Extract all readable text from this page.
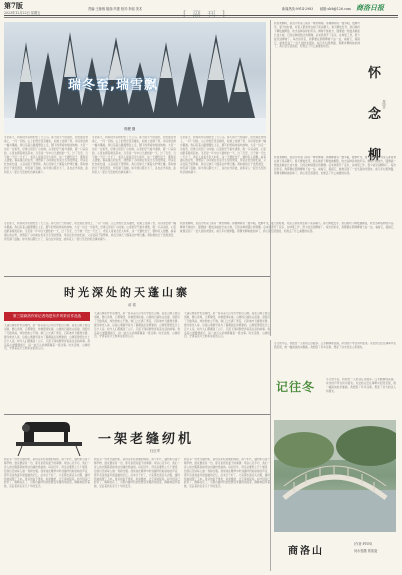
第7版
2023年12月22日 星期五
责编:王蓉蓉 版面:冯蕾 校对:李丽 美术	新闻热线:0914-2983 邮箱:slrb@126.com 商洛日报
瑞冬至,瑞雪飘
郭俊 摄
冬至那天，我和同学们相约去了天竺山。那天的天气特别好，阳光照在雪地上，一闪一闪的。山上的雪还没有融化，松树上挂满了雪，远远望去像一幅水墨画。我们沿着山路慢慢往上走，脚下的雪咯吱咯吱地响，大家一边走一边说笑，好像又回到了小时候。山里的空气格外清新，吸一口凉凉的，心里也跟着敞亮起来。冬至是一年中白天最短的一天，过了冬至，日子就一天比一天长了，老家人常说冬至大如年，这一天要吃饺子，要和家人团聚。看着漫山的白雪，我想起了小时候在老家过冬至的情景，母亲在灶台前忙碌，父亲在院子里劈柴，我们兄妹几个围着火炉烤红薯。那时候的日子虽然清苦，却充满了温暖。如今我们都长大了，各自在外奔波，能和家人一起过冬至的机会越来越少。
冬至那天，我和同学们相约去了天竺山。那天的天气特别好，阳光照在雪地上，一闪一闪的。山上的雪还没有融化，松树上挂满了雪，远远望去像一幅水墨画。我们沿着山路慢慢往上走，脚下的雪咯吱咯吱地响，大家一边走一边说笑，好像又回到了小时候。山里的空气格外清新，吸一口凉凉的，心里也跟着敞亮起来。冬至是一年中白天最短的一天，过了冬至，日子就一天比一天长了，老家人常说冬至大如年，这一天要吃饺子，要和家人团聚。看着漫山的白雪，我想起了小时候在老家过冬至的情景，母亲在灶台前忙碌，父亲在院子里劈柴，我们兄妹几个围着火炉烤红薯。那时候的日子虽然清苦，却充满了温暖。如今我们都长大了，各自在外奔波，能和家人一起过冬至的机会越来越少。
冬至那天，我和同学们相约去了天竺山。那天的天气特别好，阳光照在雪地上，一闪一闪的。山上的雪还没有融化，松树上挂满了雪，远远望去像一幅水墨画。我们沿着山路慢慢往上走，脚下的雪咯吱咯吱地响，大家一边走一边说笑，好像又回到了小时候。山里的空气格外清新，吸一口凉凉的，心里也跟着敞亮起来。冬至是一年中白天最短的一天，过了冬至，日子就一天比一天长了，老家人常说冬至大如年，这一天要吃饺子，要和家人团聚。看着漫山的白雪，我想起了小时候在老家过冬至的情景，母亲在灶台前忙碌，父亲在院子里劈柴，我们兄妹几个围着火炉烤红薯。那时候的日子虽然清苦，却充满了温暖。如今我们都长大了，各自在外奔波，能和家人一起过冬至的机会越来越少。
我喜欢柳树，是因为老家门前有一棵老柳树。那棵柳树有一搂多粗，枝繁叶茂，夏天的时候，村里人都喜欢在树下乘凉聊天。春天柳枝发芽，我们就折下柳枝做柳笛，吹出各种各样的声音。柳树不挑地方，随便插一根枝条就能长成大树，它的这种顽强让我敬佩。后来我离开了家乡，在城里工作，很少能见到柳树了。每次回老家，我都要在那棵柳树下站一站，看看它，摸摸它，就像见到了一位久别的老朋友。前几年村里修路，那棵老柳树被砍掉了，我心里空落落的，好像丢了什么重要的东西。
怀
念
柳
周国华
我喜欢柳树，是因为老家门前有一棵老柳树。那棵柳树有一搂多粗，枝繁叶茂，夏天的时候，村里人都喜欢在树下乘凉聊天。春天柳枝发芽，我们就折下柳枝做柳笛，吹出各种各样的声音。柳树不挑地方，随便插一根枝条就能长成大树，它的这种顽强让我敬佩。后来我离开了家乡，在城里工作，很少能见到柳树了。每次回老家，我都要在那棵柳树下站一站，看看它，摸摸它，就像见到了一位久别的老朋友。前几年村里修路，那棵老柳树被砍掉了，我心里空落落的，好像丢了什么重要的东西。
我喜欢柳树，是因为老家门前有一棵老柳树。那棵柳树有一搂多粗，枝繁叶茂，夏天的时候，村里人都喜欢在树下乘凉聊天。春天柳枝发芽，我们就折下柳枝做柳笛，吹出各种各样的声音。柳树不挑地方，随便插一根枝条就能长成大树，它的这种顽强让我敬佩。后来我离开了家乡，在城里工作，很少能见到柳树了。每次回老家，我都要在那棵柳树下站一站，看看它，摸摸它，就像见到了一位久别的老朋友。前几年村里修路，那棵老柳树被砍掉了，我心里空落落的，好像丢了什么重要的东西。
冬至那天，我和同学们相约去了天竺山。那天的天气特别好，阳光照在雪地上，一闪一闪的。山上的雪还没有融化，松树上挂满了雪，远远望去像一幅水墨画。我们沿着山路慢慢往上走，脚下的雪咯吱咯吱地响，大家一边走一边说笑，好像又回到了小时候。山里的空气格外清新，吸一口凉凉的，心里也跟着敞亮起来。冬至是一年中白天最短的一天，过了冬至，日子就一天比一天长了，老家人常说冬至大如年，这一天要吃饺子，要和家人团聚。看着漫山的白雪，我想起了小时候在老家过冬至的情景，母亲在灶台前忙碌，父亲在院子里劈柴，我们兄妹几个围着火炉烤红薯。那时候的日子虽然清苦，却充满了温暖。如今我们都长大了，各自在外奔波，能和家人一起过冬至的机会越来越少。
时光深处的天蓬山寨
郝 德
第三届商洛作家记者再进东乡风采访作品选
天蓬山寨在柞水县境内，是一座有着几百年历史的古山寨。站在山寨上极目远眺，群山连绵，云雾缭绕，仿佛置身仙境。山寨的石墙依山而建，虽经历了无数风雨，却依然屹立不倒。寨门上长满了青苔，石阶被岁月磨得光滑。据当地老人讲，这座山寨最早是为了躲避战乱而修建的，山寨里曾经住过上百户人家。如今人们都搬到了山下，只留下残垣断壁诉说着往昔的故事。我沿着古道慢慢前行，每一块石头仿佛都藏着一段往事。时光流转，山寨依旧，守望着这片土地和这里的人们。
天蓬山寨在柞水县境内，是一座有着几百年历史的古山寨。站在山寨上极目远眺，群山连绵，云雾缭绕，仿佛置身仙境。山寨的石墙依山而建，虽经历了无数风雨，却依然屹立不倒。寨门上长满了青苔，石阶被岁月磨得光滑。据当地老人讲，这座山寨最早是为了躲避战乱而修建的，山寨里曾经住过上百户人家。如今人们都搬到了山下，只留下残垣断壁诉说着往昔的故事。我沿着古道慢慢前行，每一块石头仿佛都藏着一段往事。时光流转，山寨依旧，守望着这片土地和这里的人们。
天蓬山寨在柞水县境内，是一座有着几百年历史的古山寨。站在山寨上极目远眺，群山连绵，云雾缭绕，仿佛置身仙境。山寨的石墙依山而建，虽经历了无数风雨，却依然屹立不倒。寨门上长满了青苔，石阶被岁月磨得光滑。据当地老人讲，这座山寨最早是为了躲避战乱而修建的，山寨里曾经住过上百户人家。如今人们都搬到了山下，只留下残垣断壁诉说着往昔的故事。我沿着古道慢慢前行，每一块石头仿佛都藏着一段往事。时光流转，山寨依旧，守望着这片土地和这里的人们。
一架老缝纫机
杜红军
我家有一台老式缝纫机，是母亲年轻时候的嫁妆。那个年代，缝纫机可是个稀罕物，谁家要是有一台，那可是很有面子的事情。母亲心灵手巧，我们一家人的衣服都是她用这台缝纫机做的。每到过年，母亲总要熬上几个通宵，给我们兄妹每人做一身新衣服。我常常在睡梦中听到缝纫机哒哒哒的声音，那声音是我童年最温暖的记忆。后来日子好了，大家都去商店买衣服，缝纫机就闲置了下来。母亲却舍不得扔，时常擦拭，让它保持锃亮。如今母亲已经老了，眼睛也花了，可那台缝纫机依然摆在老屋的角落里，静静地陪伴着她，见证着我们家几十年的变迁。
我家有一台老式缝纫机，是母亲年轻时候的嫁妆。那个年代，缝纫机可是个稀罕物，谁家要是有一台，那可是很有面子的事情。母亲心灵手巧，我们一家人的衣服都是她用这台缝纫机做的。每到过年，母亲总要熬上几个通宵，给我们兄妹每人做一身新衣服。我常常在睡梦中听到缝纫机哒哒哒的声音，那声音是我童年最温暖的记忆。后来日子好了，大家都去商店买衣服，缝纫机就闲置了下来。母亲却舍不得扔，时常擦拭，让它保持锃亮。如今母亲已经老了，眼睛也花了，可那台缝纫机依然摆在老屋的角落里，静静地陪伴着她，见证着我们家几十年的变迁。
我家有一台老式缝纫机，是母亲年轻时候的嫁妆。那个年代，缝纫机可是个稀罕物，谁家要是有一台，那可是很有面子的事情。母亲心灵手巧，我们一家人的衣服都是她用这台缝纫机做的。每到过年，母亲总要熬上几个通宵，给我们兄妹每人做一身新衣服。我常常在睡梦中听到缝纫机哒哒哒的声音，那声音是我童年最温暖的记忆。后来日子好了，大家都去商店买衣服，缝纫机就闲置了下来。母亲却舍不得扔，时常擦拭，让它保持锃亮。如今母亲已经老了，眼睛也花了，可那台缝纫机依然摆在老屋的角落里，静静地陪伴着她，见证着我们家几十年的变迁。
冬日的午后，我独自一人来到江边散步。江水静静地流淌，岸边的芦苇在风中摇曳。远处的山峦在薄雾中若隐若现，像一幅淡淡的水墨画。我想起了许多往事，想起了远方的亲人和朋友。
记往冬
冬日的午后，我独自一人来到江边散步。江水静静地流淌，岸边的芦苇在风中摇曳。远处的山峦在薄雾中若隐若现，像一幅淡淡的水墨画。我想起了许多往事，想起了远方的亲人和朋友。
商洛山
(作者:PIYN)
何永强摄 郭凯旋
